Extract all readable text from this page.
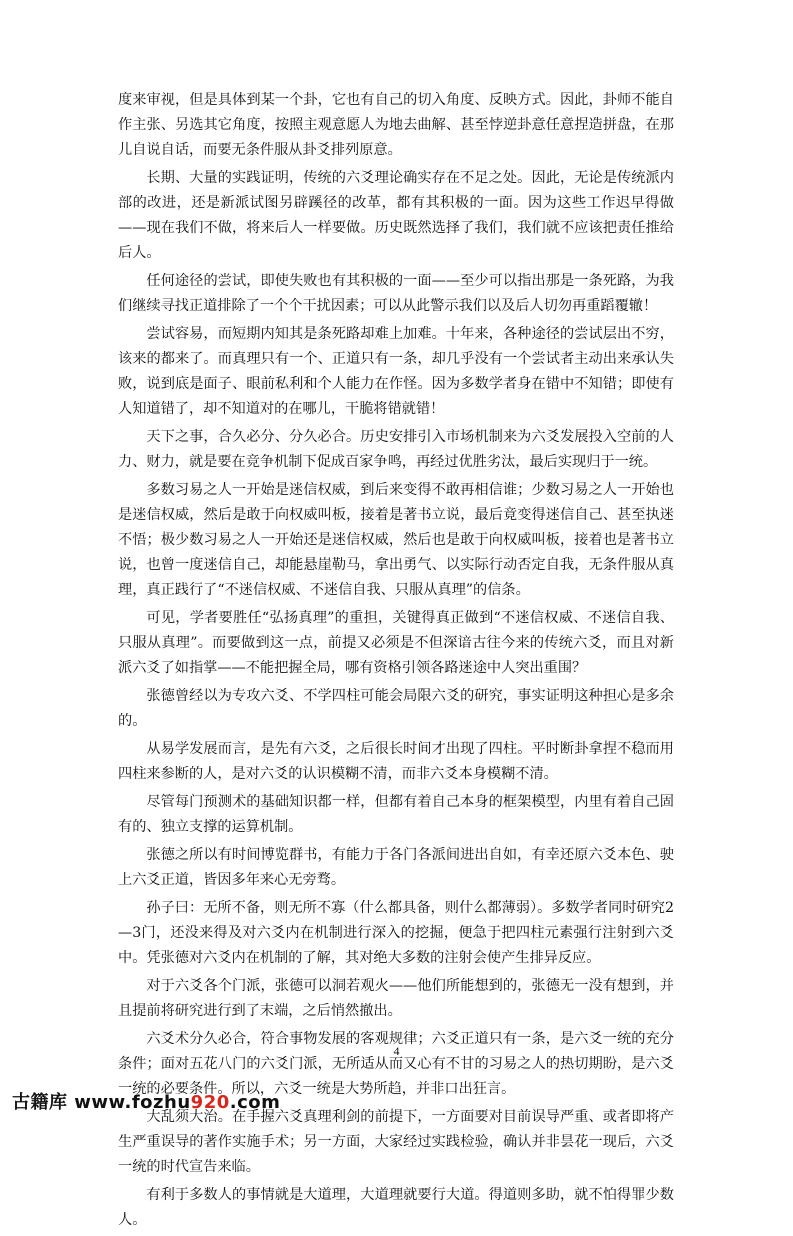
度来审视，但是具体到某一个卦，它也有自己的切入角度、反映方式。因此，卦师不能自作主张、另选其它角度，按照主观意愿人为地去曲解、甚至悖逆卦意任意捏造拼盘，在那儿自说自话，而要无条件服从卦爻排列原意。

长期、大量的实践证明，传统的六爻理论确实存在不足之处。因此，无论是传统派内部的改进，还是新派试图另辟蹊径的改革，都有其积极的一面。因为这些工作迟早得做——现在我们不做，将来后人一样要做。历史既然选择了我们，我们就不应该把责任推给后人。

任何途径的尝试，即使失败也有其积极的一面——至少可以指出那是一条死路，为我们继续寻找正道排除了一个个干扰因素；可以从此警示我们以及后人切勿再重蹈覆辙！

尝试容易，而短期内知其是条死路却难上加难。十年来，各种途径的尝试层出不穷，该来的都来了。而真理只有一个、正道只有一条，却几乎没有一个尝试者主动出来承认失败，说到底是面子、眼前私利和个人能力在作怪。因为多数学者身在错中不知错；即使有人知道错了，却不知道对的在哪儿，干脆将错就错！

天下之事，合久必分、分久必合。历史安排引入市场机制来为六爻发展投入空前的人力、财力，就是要在竞争机制下促成百家争鸣，再经过优胜劣汰，最后实现归于一统。

多数习易之人一开始是迷信权威，到后来变得不敢再相信谁；少数习易之人一开始也是迷信权威，然后是敢于向权威叫板，接着是著书立说，最后竟变得迷信自己、甚至执迷不悟；极少数习易之人一开始还是迷信权威，然后也是敢于向权威叫板，接着也是著书立说，也曾一度迷信自己，却能悬崖勒马，拿出勇气、以实际行动否定自我，无条件服从真理，真正践行了“不迷信权威、不迷信自我、只服从真理”的信条。

可见，学者要胜任“弘扬真理”的重担，关键得真正做到“不迷信权威、不迷信自我、只服从真理”。而要做到这一点，前提又必须是不但深谙古往今来的传统六爻，而且对新派六爻了如指掌——不能把握全局，哪有资格引领各路迷途中人突出重围？

张德曾经以为专攻六爻、不学四柱可能会局限六爻的研究，事实证明这种担心是多余的。

从易学发展而言，是先有六爻，之后很长时间才出现了四柱。平时断卦拿捏不稳而用四柱来参断的人，是对六爻的认识模糊不清，而非六爻本身模糊不清。

尽管每门预测术的基础知识都一样，但都有着自己本身的框架模型，内里有着自己固有的、独立支撑的运算机制。

张德之所以有时间博览群书，有能力于各门各派间进出自如，有幸还原六爻本色、驶上六爻正道，皆因多年来心无旁骛。

孙子曰：无所不备，则无所不寡（什么都具备，则什么都薄弱）。多数学者同时研究2—3门，还没来得及对六爻内在机制进行深入的挖掘，便急于把四柱元素强行注射到六爻中。凭张德对六爻内在机制的了解，其对绝大多数的注射会使产生排异反应。

对于六爻各个门派，张德可以洞若观火——他们所能想到的，张德无一没有想到，并且提前将研究进行到了末端，之后悄然撤出。

六爻术分久必合，符合事物发展的客观规律；六爻正道只有一条，是六爻一统的充分条件；面对五花八门的六爻门派，无所适从而又心有不甘的习易之人的热切期盼，是六爻一统的必要条件。所以，六爻一统是大势所趋，并非口出狂言。

大乱须大治。在手握六爻真理利剑的前提下，一方面要对目前误导严重、或者即将产生严重误导的著作实施手术；另一方面，大家经过实践检验，确认并非昙花一现后，六爻一统的时代宣告来临。

有利于多数人的事情就是大道理，大道理就要行大道。得道则多助，就不怕得罪少数人。

4
古籍库 www.fozhu920.com
